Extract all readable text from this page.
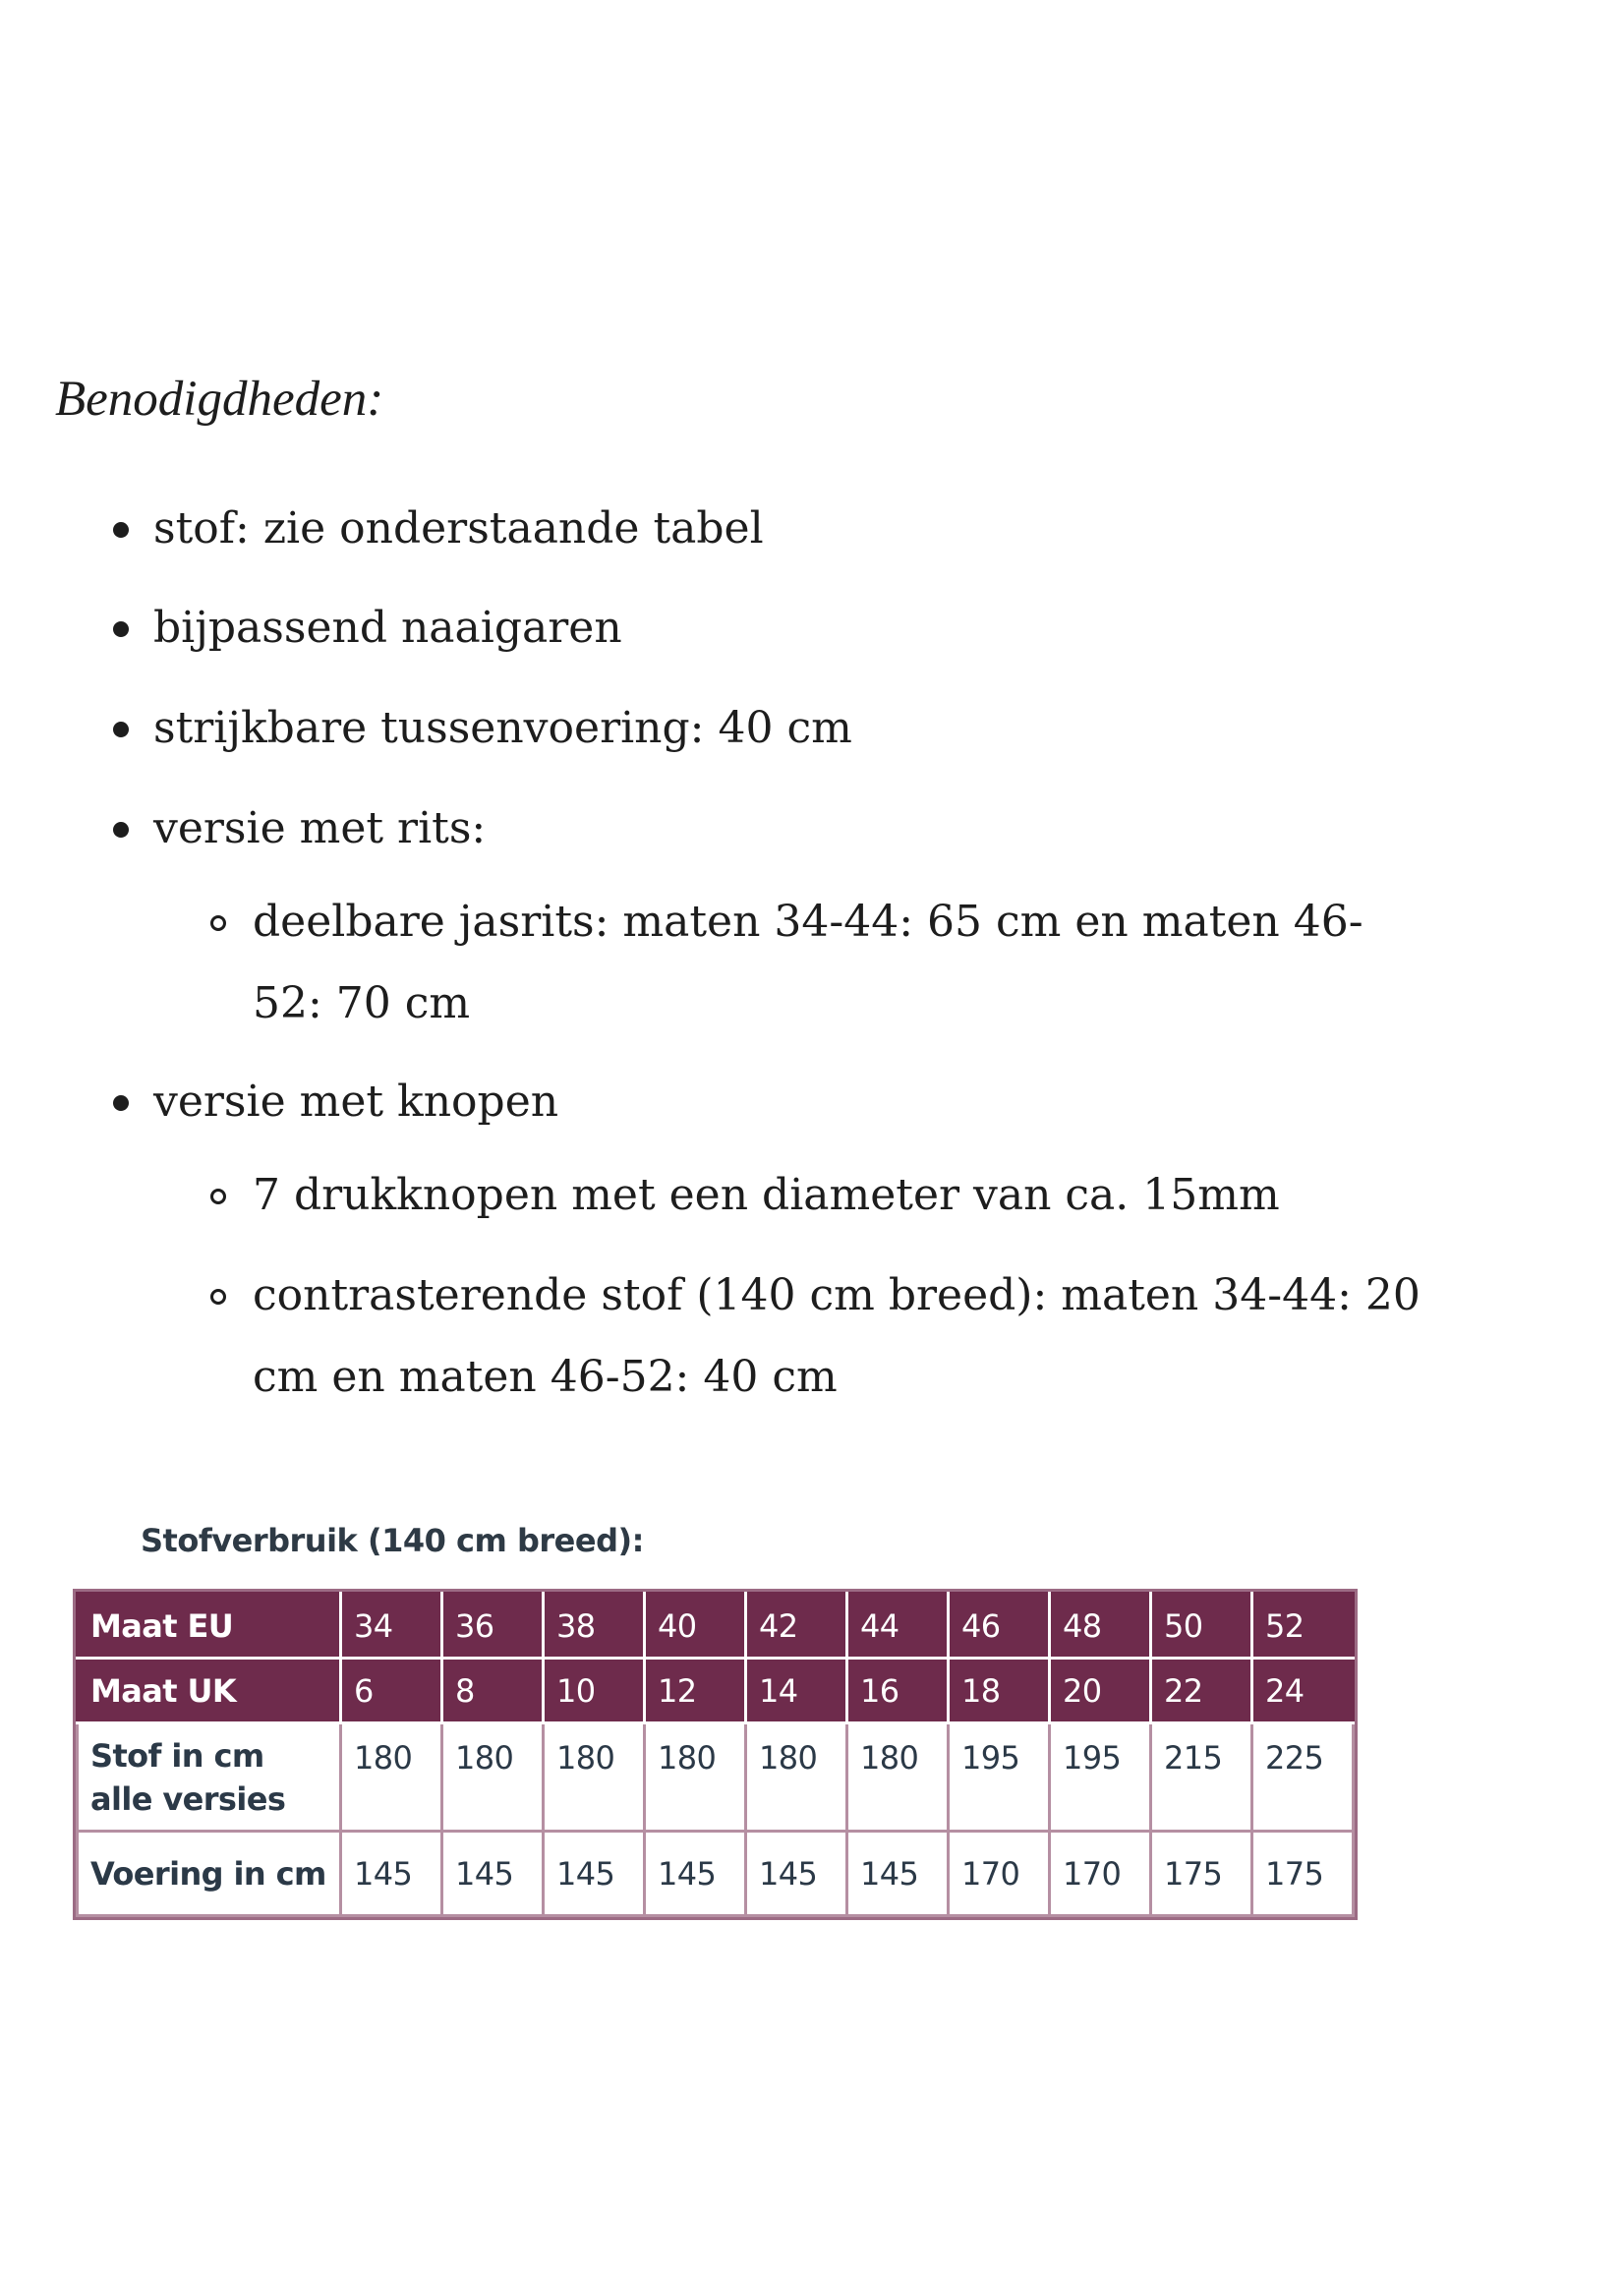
Benodigdheden:
stof: zie onderstaande tabel
bijpassend naaigaren
strijkbare tussenvoering: 40 cm
versie met rits:
deelbare jasrits: maten 34-44: 65 cm en maten 46-
52: 70 cm
versie met knopen
7 drukknopen met een diameter van ca. 15mm
contrasterende stof (140 cm breed): maten 34-44: 20
cm en maten 46-52: 40 cm
Stofverbruik (140 cm breed):
Maat EU	34	36	38	40	42	44	46	48	50	52
Maat UK	6	8	10	12	14	16	18	20	22	24

Stof in cm
alle versies	180	180	180	180	180	180	195	195	215	225
Voering in cm	145	145	145	145	145	145	170	170	175	175
